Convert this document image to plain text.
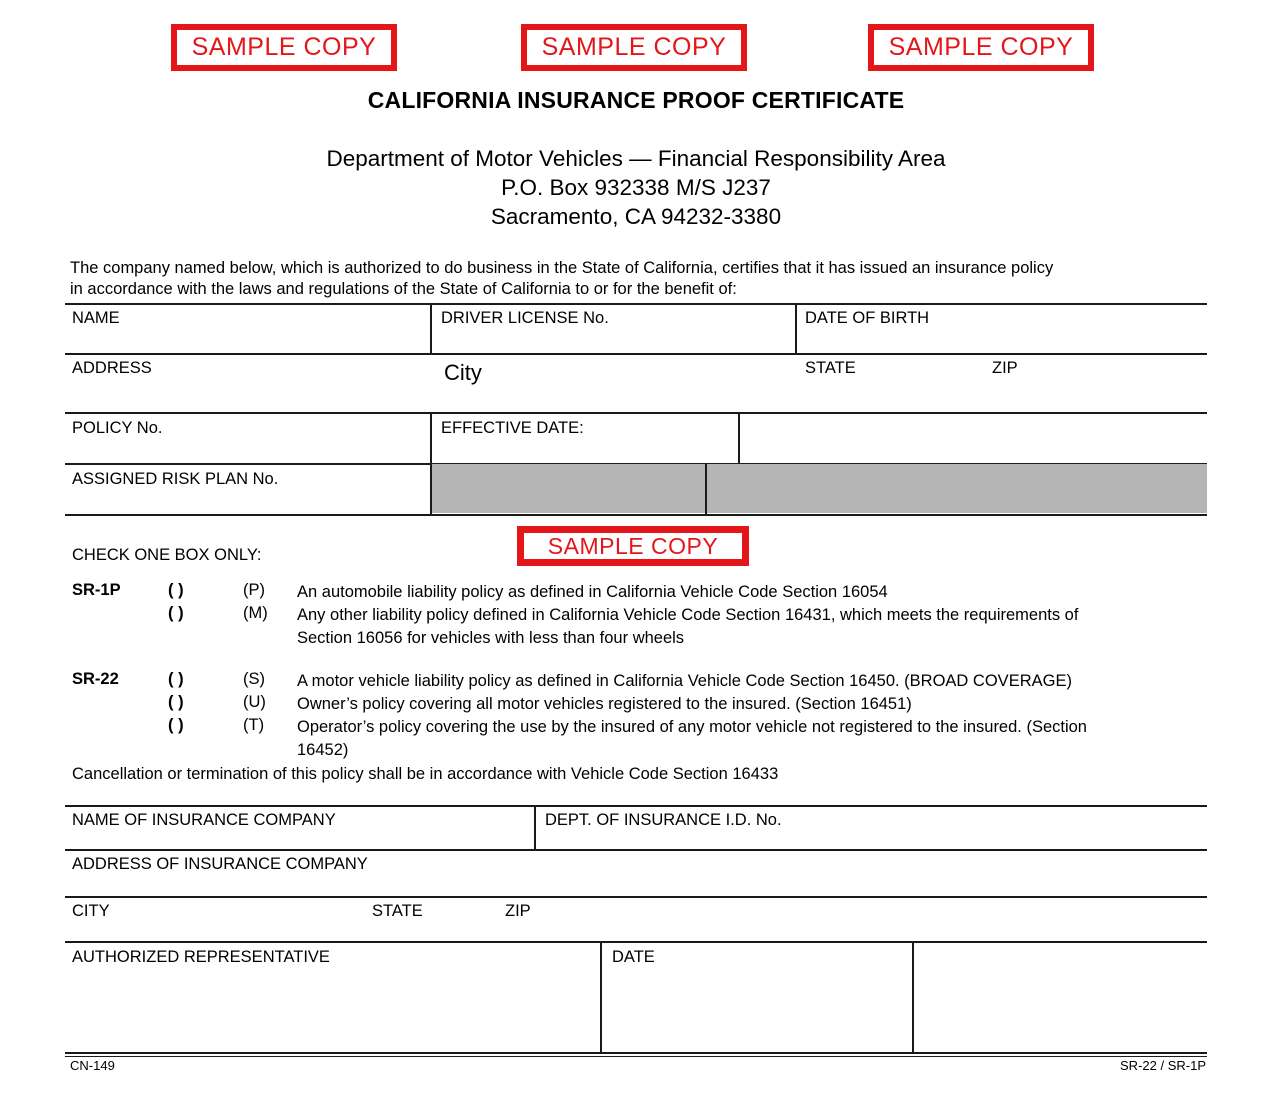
SAMPLE COPY	SAMPLE COPY	SAMPLE COPY
CALIFORNIA INSURANCE PROOF CERTIFICATE
Department of Motor Vehicles — Financial Responsibility Area
P.O. Box 932338 M/S J237
Sacramento, CA 94232-3380
The company named below, which is authorized to do business in the State of California, certifies that it has issued an insurance policy
in accordance with the laws and regulations of the State of California to or for the benefit of:
NAME	DRIVER LICENSE No.	DATE OF BIRTH
ADDRESS	City	STATE	ZIP
POLICY No.	EFFECTIVE DATE:
ASSIGNED RISK PLAN No.
SAMPLE COPY
CHECK ONE BOX ONLY:
SR-1P	( )	(P) An automobile liability policy as defined in California Vehicle Code Section 16054
( )	(M) Any other liability policy defined in California Vehicle Code Section 16431, which meets the requirements of
Section 16056 for vehicles with less than four wheels
SR-22	( )	(S) A motor vehicle liability policy as defined in California Vehicle Code Section 16450. (BROAD COVERAGE)
( )	(U) Owner’s policy covering all motor vehicles registered to the insured. (Section 16451)
( )	(T) Operator’s policy covering the use by the insured of any motor vehicle not registered to the insured. (Section
16452)
Cancellation or termination of this policy shall be in accordance with Vehicle Code Section 16433
NAME OF INSURANCE COMPANY	DEPT. OF INSURANCE I.D. No.
ADDRESS OF INSURANCE COMPANY
CITY	STATE	ZIP
AUTHORIZED REPRESENTATIVE	DATE
CN-149	SR-22 / SR-1P
